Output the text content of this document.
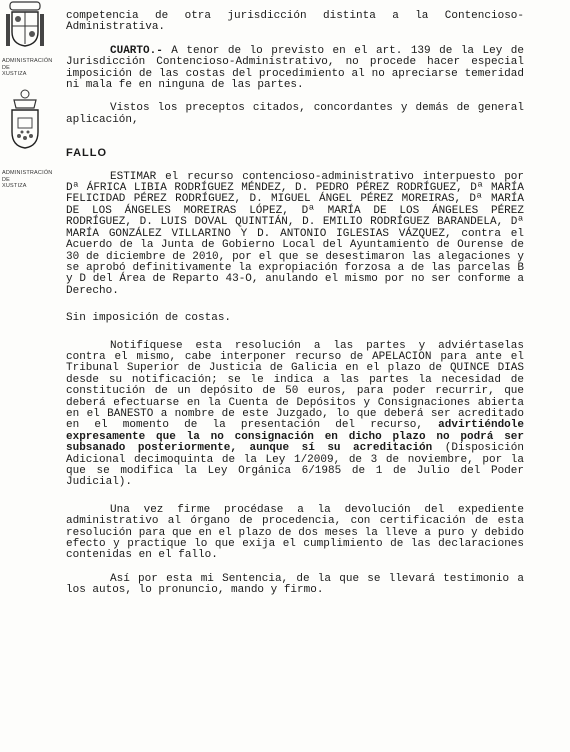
ADMINISTRACIÓN DE XUSTIZA
ADMINISTRACIÓN DE XUSTIZA

competencia de otra jurisdicción distinta a la Contencioso-Administrativa.

CUARTO.- A tenor de lo previsto en el art. 139 de la Ley de Jurisdicción Contencioso-Administrativo, no procede hacer especial imposición de las costas del procedimiento al no apreciarse temeridad ni mala fe en ninguna de las partes.

Vistos los preceptos citados, concordantes y demás de general aplicación,

FALLO

ESTIMAR el recurso contencioso-administrativo interpuesto por Dª ÁFRICA LIBIA RODRÍGUEZ MÉNDEZ, D. PEDRO PÉREZ RODRÍGUEZ, Dª MARÍA FELICIDAD PÉREZ RODRÍGUEZ, D. MIGUEL ÁNGEL PÉREZ MOREIRAS, Dª MARÍA DE LOS ÁNGELES MOREIRAS LÓPEZ, Dª MARÍA DE LOS ÁNGELES PÉREZ RODRÍGUEZ, D. LUIS DOVAL QUINTIÁN, D. EMILIO RODRÍGUEZ BARANDELA, Dª MARÍA GONZÁLEZ VILLARINO Y D. ANTONIO IGLESIAS VÁZQUEZ, contra el Acuerdo de la Junta de Gobierno Local del Ayuntamiento de Ourense de 30 de diciembre de 2010, por el que se desestimaron las alegaciones y se aprobó definitivamente la expropiación forzosa a de las parcelas B y D del Área de Reparto 43-O, anulando el mismo por no ser conforme a Derecho.

Sin imposición de costas.

Notifíquese esta resolución a las partes y adviértaselas contra el mismo, cabe interponer recurso de APELACION para ante el Tribunal Superior de Justicia de Galicia en el plazo de QUINCE DIAS desde su notificación; se le indica a las partes la necesidad de constitución de un depósito de 50 euros, para poder recurrir, que deberá efectuarse en la Cuenta de Depósitos y Consignaciones abierta en el BANESTO a nombre de este Juzgado, lo que deberá ser acreditado en el momento de la presentación del recurso, advirtiéndole expresamente que la no consignación en dicho plazo no podrá ser subsanado posteriormente, aunque sí su acreditación (Disposición Adicional decimoquinta de la Ley 1/2009, de 3 de noviembre, por la que se modifica la Ley Orgánica 6/1985 de 1 de Julio del Poder Judicial).

Una vez firme procédase a la devolución del expediente administrativo al órgano de procedencia, con certificación de esta resolución para que en el plazo de dos meses la lleve a puro y debido efecto y practique lo que exija el cumplimiento de las declaraciones contenidas en el fallo.

Así por esta mi Sentencia, de la que se llevará testimonio a los autos, lo pronuncio, mando y firmo.
